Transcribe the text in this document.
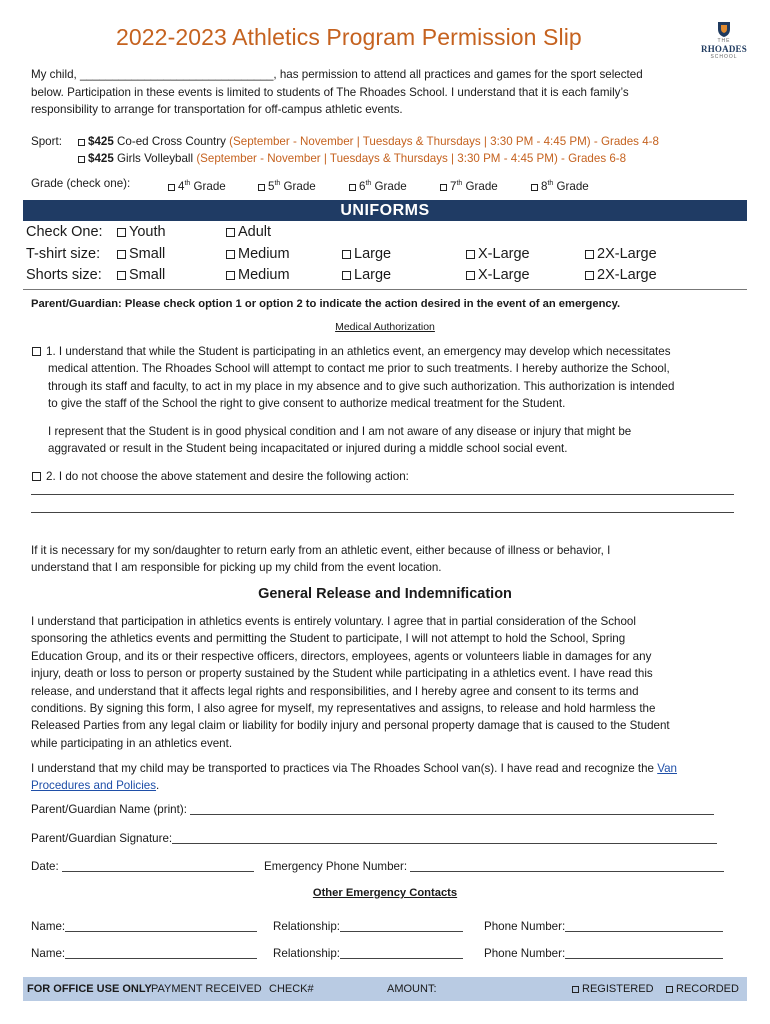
2022-2023 Athletics Program Permission Slip	THE
RHOADES
SCHOOL

My child, ______________________________, has permission to attend all practices and games for the sport selected

below. Participation in these events is limited to students of The Rhoades School. I understand that it is each family’s

responsibility to arrange for transportation for off-campus athletic events.

Sport:	$425 Co-ed Cross Country (September - November | Tuesdays & Thursdays | 3:30 PM - 4:45 PM) - Grades 4-8

$425 Girls Volleyball (September - November | Tuesdays & Thursdays | 3:30 PM - 4:45 PM) - Grades 6-8

Grade (check one):	4th Grade	5th Grade	6th Grade	7th Grade	8th Grade

UNIFORMS
Check One:	Youth	Adult
T-shirt size:	Small	Medium	Large	X-Large	2X-Large
Shorts size:	Small	Medium	Large	X-Large	2X-Large

Parent/Guardian: Please check option 1 or option 2 to indicate the action desired in the event of an emergency.

Medical Authorization
1. I understand that while the Student is participating in an athletics event, an emergency may develop which necessitates
medical attention. The Rhoades School will attempt to contact me prior to such treatments. I hereby authorize the School,
through its staff and faculty, to act in my place in my absence and to give such authorization. This authorization is intended
to give the staff of the School the right to give consent to authorize medical treatment for the Student.
I represent that the Student is in good physical condition and I am not aware of any disease or injury that might be
aggravated or result in the Student being incapacitated or injured during a middle school social event.

2. I do not choose the above statement and desire the following action:

If it is necessary for my son/daughter to return early from an athletic event, either because of illness or behavior, I
understand that I am responsible for picking up my child from the event location.
General Release and Indemnification
I understand that participation in athletics events is entirely voluntary. I agree that in partial consideration of the School
sponsoring the athletics events and permitting the Student to participate, I will not attempt to hold the School, Spring
Education Group, and its or their respective officers, directors, employees, agents or volunteers liable in damages for any
injury, death or loss to person or property sustained by the Student while participating in a athletics event. I have read this
release, and understand that it affects legal rights and responsibilities, and I hereby agree and consent to its terms and
conditions. By signing this form, I also agree for myself, my representatives and assigns, to release and hold harmless the
Released Parties from any legal claim or liability for bodily injury and personal property damage that is caused to the Student
while participating in an athletics event.
I understand that my child may be transported to practices via The Rhoades School van(s). I have read and recognize the Van
Procedures and Policies.
Parent/Guardian Name (print):
Parent/Guardian Signature:
Date:	Emergency Phone Number:
Other Emergency Contacts
Name:	Relationship:	Phone Number:
Name:	Relationship:	Phone Number:
FOR OFFICE USE ONLY PAYMENT RECEIVED CHECK#	AMOUNT:	REGISTERED	RECORDED
